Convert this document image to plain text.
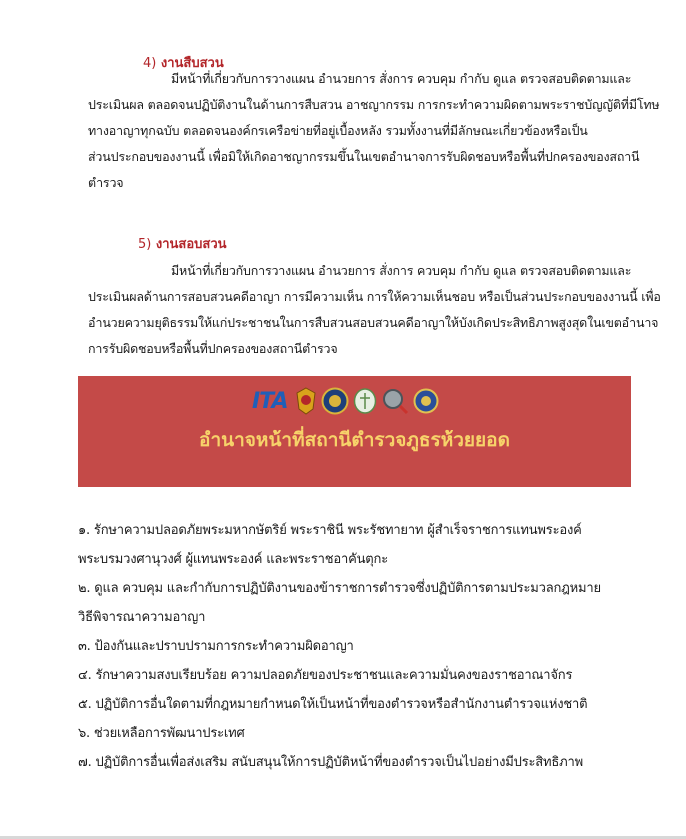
4) งานสืบสวน

มีหน้าที่เกี่ยวกับการวางแผน อำนวยการ สั่งการ ควบคุม กำกับ ดูแล ตรวจสอบติดตามและ

ประเมินผล ตลอดจนปฏิบัติงานในด้านการสืบสวน อาชญากรรม การกระทำความผิดตามพระราชบัญญัติที่มีโทษ

ทางอาญาทุกฉบับ ตลอดจนองค์กรเครือข่ายที่อยู่เบื้องหลัง รวมทั้งงานที่มีลักษณะเกี่ยวข้องหรือเป็น

ส่วนประกอบของงานนี้ เพื่อมิให้เกิดอาชญากรรมขึ้นในเขตอำนาจการรับผิดชอบหรือพื้นที่ปกครองของสถานี

ตำรวจ

5) งานสอบสวน

มีหน้าที่เกี่ยวกับการวางแผน อำนวยการ สั่งการ ควบคุม กำกับ ดูแล ตรวจสอบติดตามและ

ประเมินผลด้านการสอบสวนคดีอาญา การมีความเห็น การให้ความเห็นชอบ หรือเป็นส่วนประกอบของงานนี้ เพื่อ

อำนวยความยุติธรรมให้แก่ประชาชนในการสืบสวนสอบสวนคดีอาญาให้บังเกิดประสิทธิภาพสูงสุดในเขตอำนาจ

การรับผิดชอบหรือพื้นที่ปกครองของสถานีตำรวจ

ITA
อำนาจหน้าที่สถานีตำรวจภูธรห้วยยอด

๑. รักษาความปลอดภัยพระมหากษัตริย์ พระราชินี พระรัชทายาท ผู้สำเร็จราชการแทนพระองค์

พระบรมวงศานุวงศ์ ผู้แทนพระองค์ และพระราชอาคันตุกะ

๒. ดูแล ควบคุม และกำกับการปฏิบัติงานของข้าราชการตำรวจซึ่งปฏิบัติการตามประมวลกฎหมาย

วิธีพิจารณาความอาญา

๓. ป้องกันและปราบปรามการกระทำความผิดอาญา

๔. รักษาความสงบเรียบร้อย ความปลอดภัยของประชาชนและความมั่นคงของราชอาณาจักร

๕. ปฏิบัติการอื่นใดตามที่กฎหมายกำหนดให้เป็นหน้าที่ของตำรวจหรือสำนักงานตำรวจแห่งชาติ

๖. ช่วยเหลือการพัฒนาประเทศ

๗. ปฏิบัติการอื่นเพื่อส่งเสริม สนับสนุนให้การปฏิบัติหน้าที่ของตำรวจเป็นไปอย่างมีประสิทธิภาพ
